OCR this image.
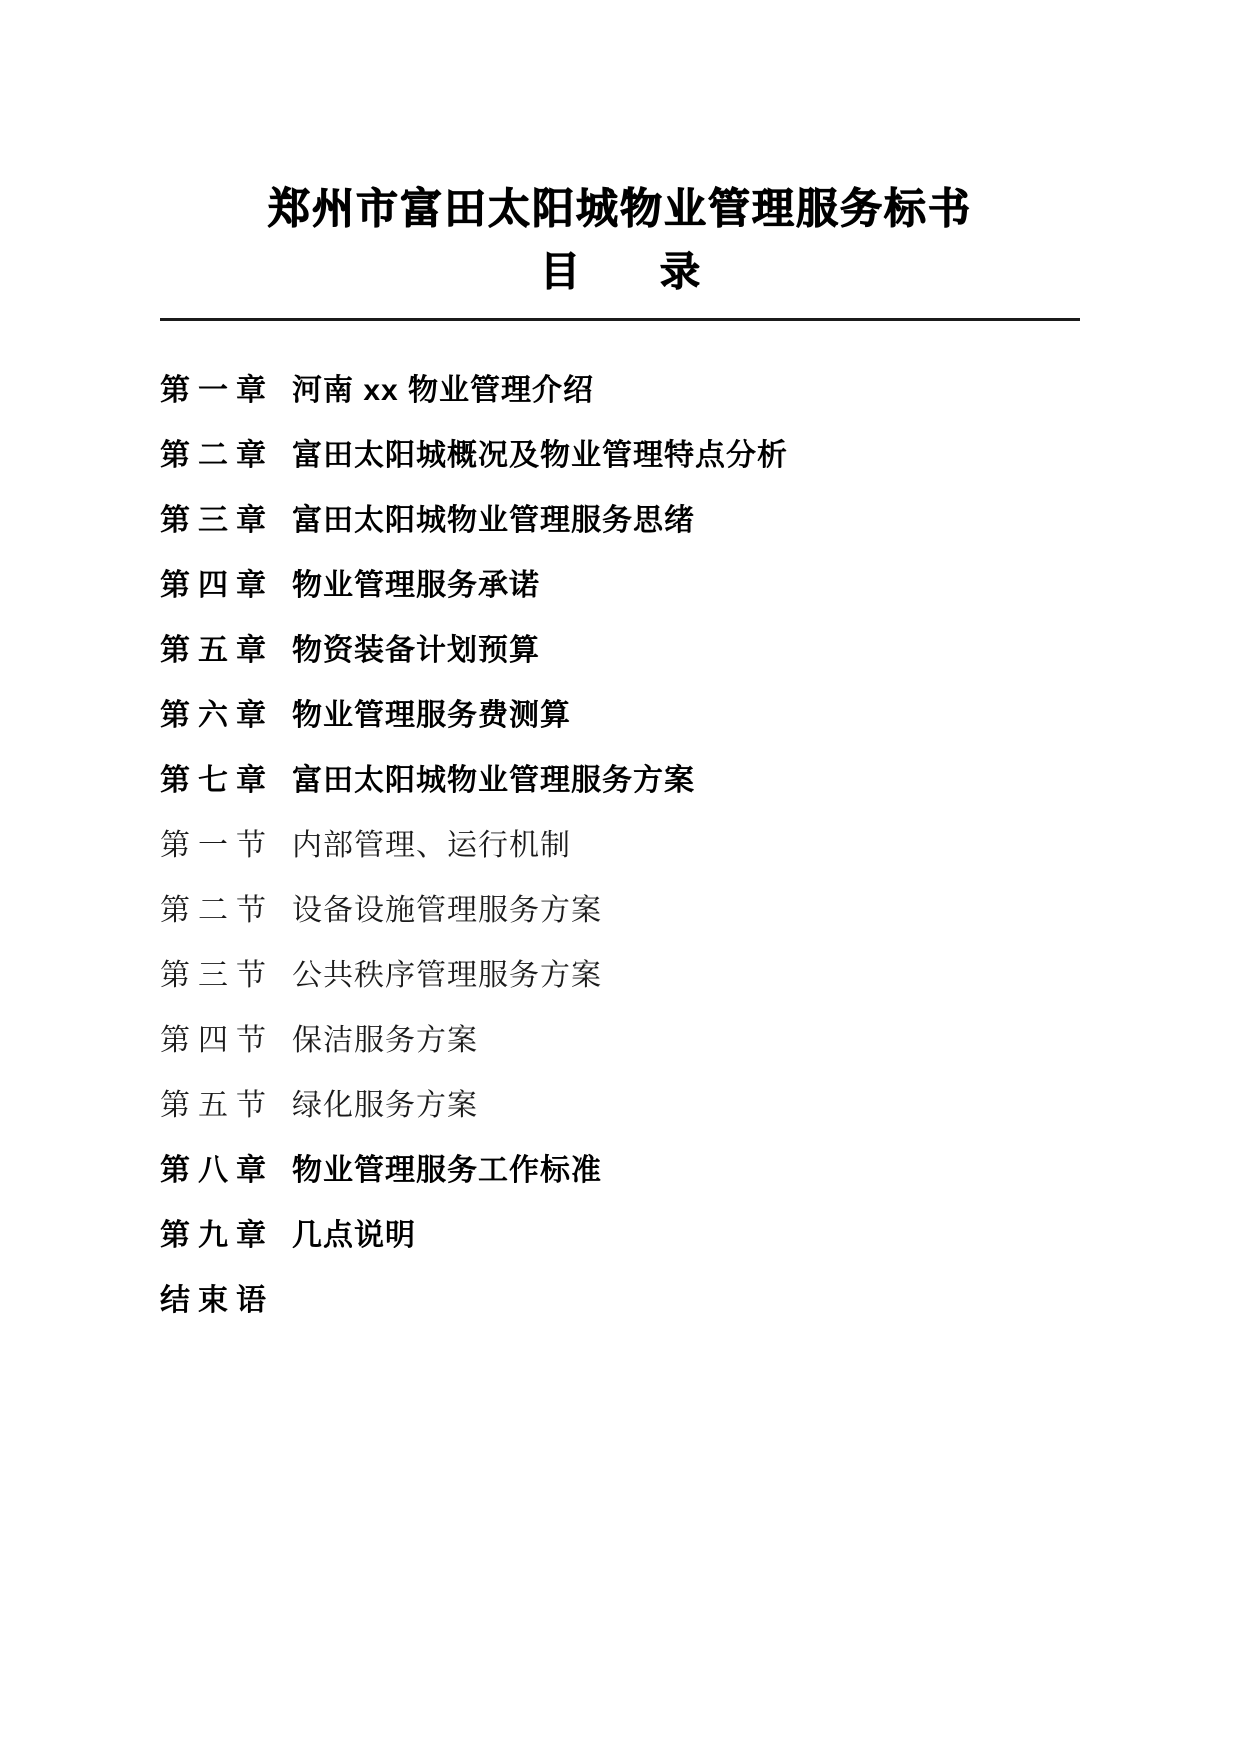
郑州市富田太阳城物业管理服务标书
目　　录
第一章 河南 xx 物业管理介绍
第二章 富田太阳城概况及物业管理特点分析
第三章 富田太阳城物业管理服务思绪
第四章 物业管理服务承诺
第五章 物资装备计划预算
第六章 物业管理服务费测算
第七章 富田太阳城物业管理服务方案
第一节 内部管理、运行机制
第二节 设备设施管理服务方案
第三节 公共秩序管理服务方案
第四节 保洁服务方案
第五节 绿化服务方案
第八章 物业管理服务工作标准
第九章 几点说明
结束语
